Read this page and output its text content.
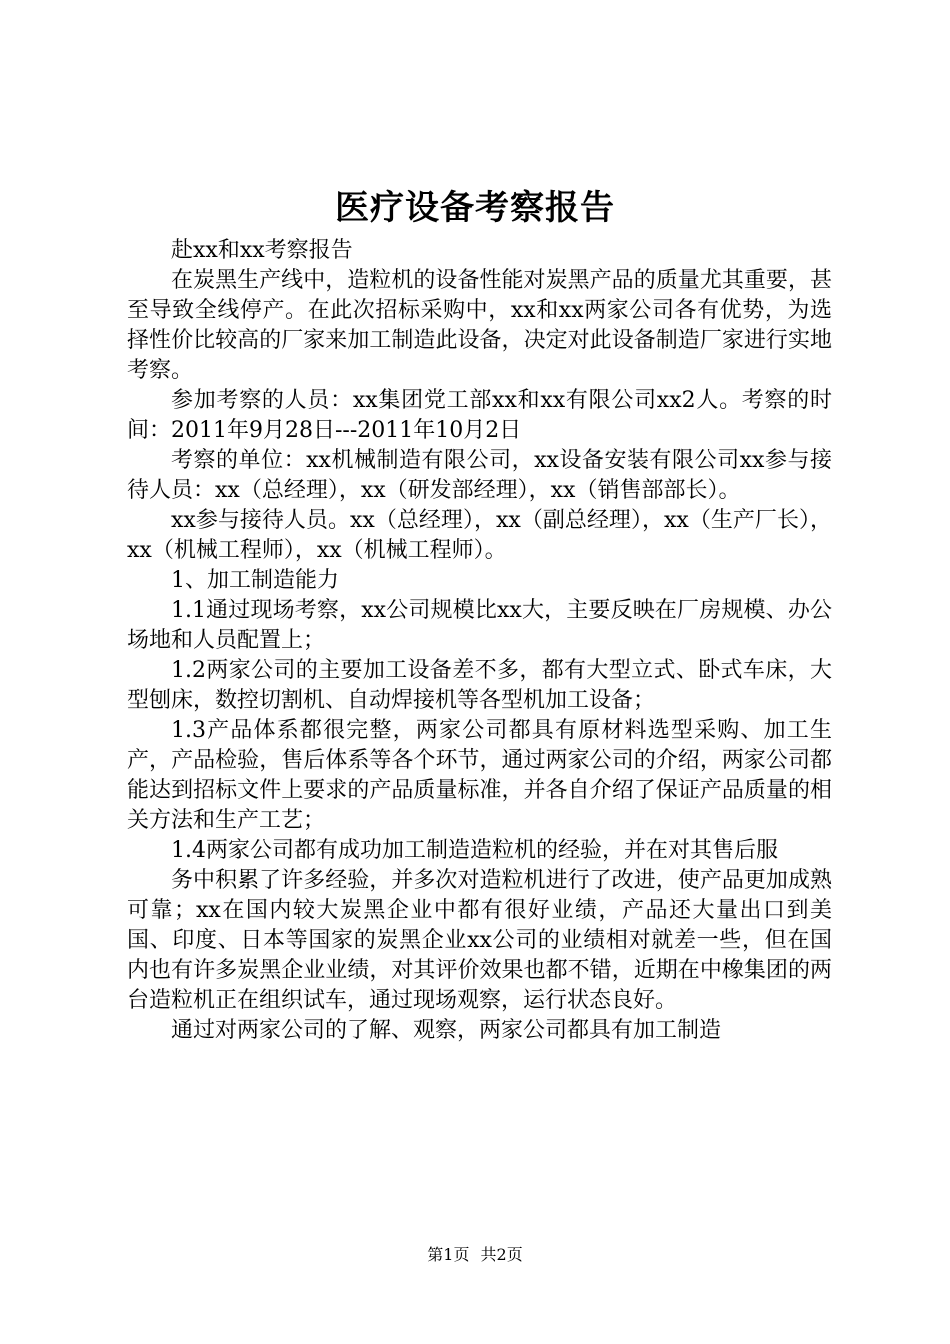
医疗设备考察报告

赴xx和xx考察报告

在炭黑生产线中，造粒机的设备性能对炭黑产品的质量尤其重要，甚至导致全线停产。在此次招标采购中，xx和xx两家公司各有优势，为选择性价比较高的厂家来加工制造此设备，决定对此设备制造厂家进行实地考察。

参加考察的人员：xx集团党工部xx和xx有限公司xx2人。考察的时间：2011年9月28日---2011年10月2日

考察的单位：xx机械制造有限公司，xx设备安装有限公司xx参与接待人员：xx（总经理），xx（研发部经理），xx（销售部部长）。

xx参与接待人员。xx（总经理），xx（副总经理），xx（生产厂长），xx（机械工程师），xx（机械工程师）。

1、加工制造能力

1.1通过现场考察，xx公司规模比xx大，主要反映在厂房规模、办公场地和人员配置上；

1.2两家公司的主要加工设备差不多，都有大型立式、卧式车床，大型刨床，数控切割机、自动焊接机等各型机加工设备；

1.3产品体系都很完整，两家公司都具有原材料选型采购、加工生产，产品检验，售后体系等各个环节，通过两家公司的介绍，两家公司都能达到招标文件上要求的产品质量标准，并各自介绍了保证产品质量的相关方法和生产工艺；

1.4两家公司都有成功加工制造造粒机的经验，并在对其售后服

务中积累了许多经验，并多次对造粒机进行了改进，使产品更加成熟可靠；xx在国内较大炭黑企业中都有很好业绩，产品还大量出口到美国、印度、日本等国家的炭黑企业xx公司的业绩相对就差一些，但在国内也有许多炭黑企业业绩，对其评价效果也都不错，近期在中橡集团的两台造粒机正在组织试车，通过现场观察，运行状态良好。

通过对两家公司的了解、观察，两家公司都具有加工制造

第1页 共2页
